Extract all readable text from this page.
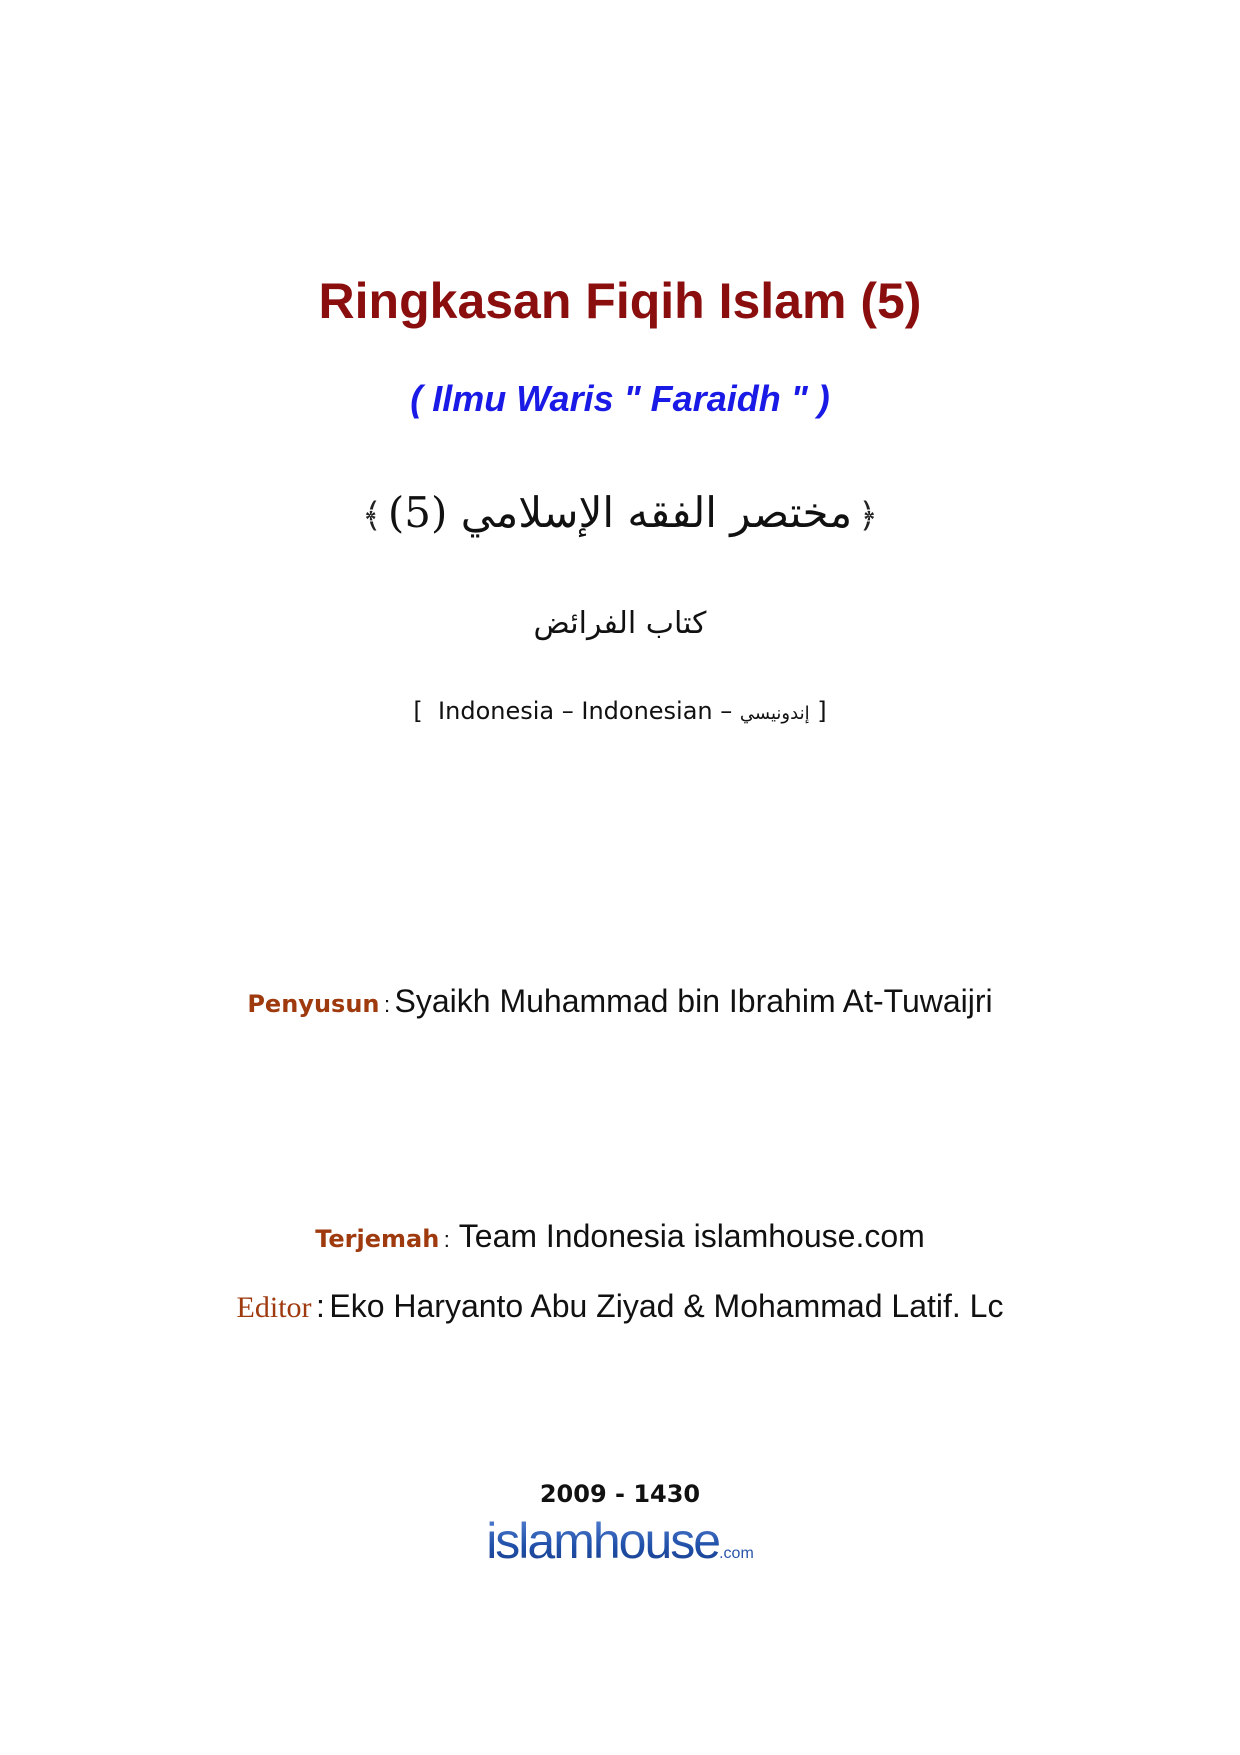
Ringkasan Fiqih Islam (5)
( Ilmu Waris " Faraidh " )
﴿مختصر الفقه الإسلامي (5)﴾
كتاب الفرائض
[ Indonesia – Indonesian – إندونيسي ]
Penyusun : Syaikh Muhammad bin Ibrahim At-Tuwaijri
Terjemah : Team Indonesia islamhouse.com
Editor : Eko Haryanto Abu Ziyad & Mohammad Latif. Lc
2009 - 1430
islamhouse.com
